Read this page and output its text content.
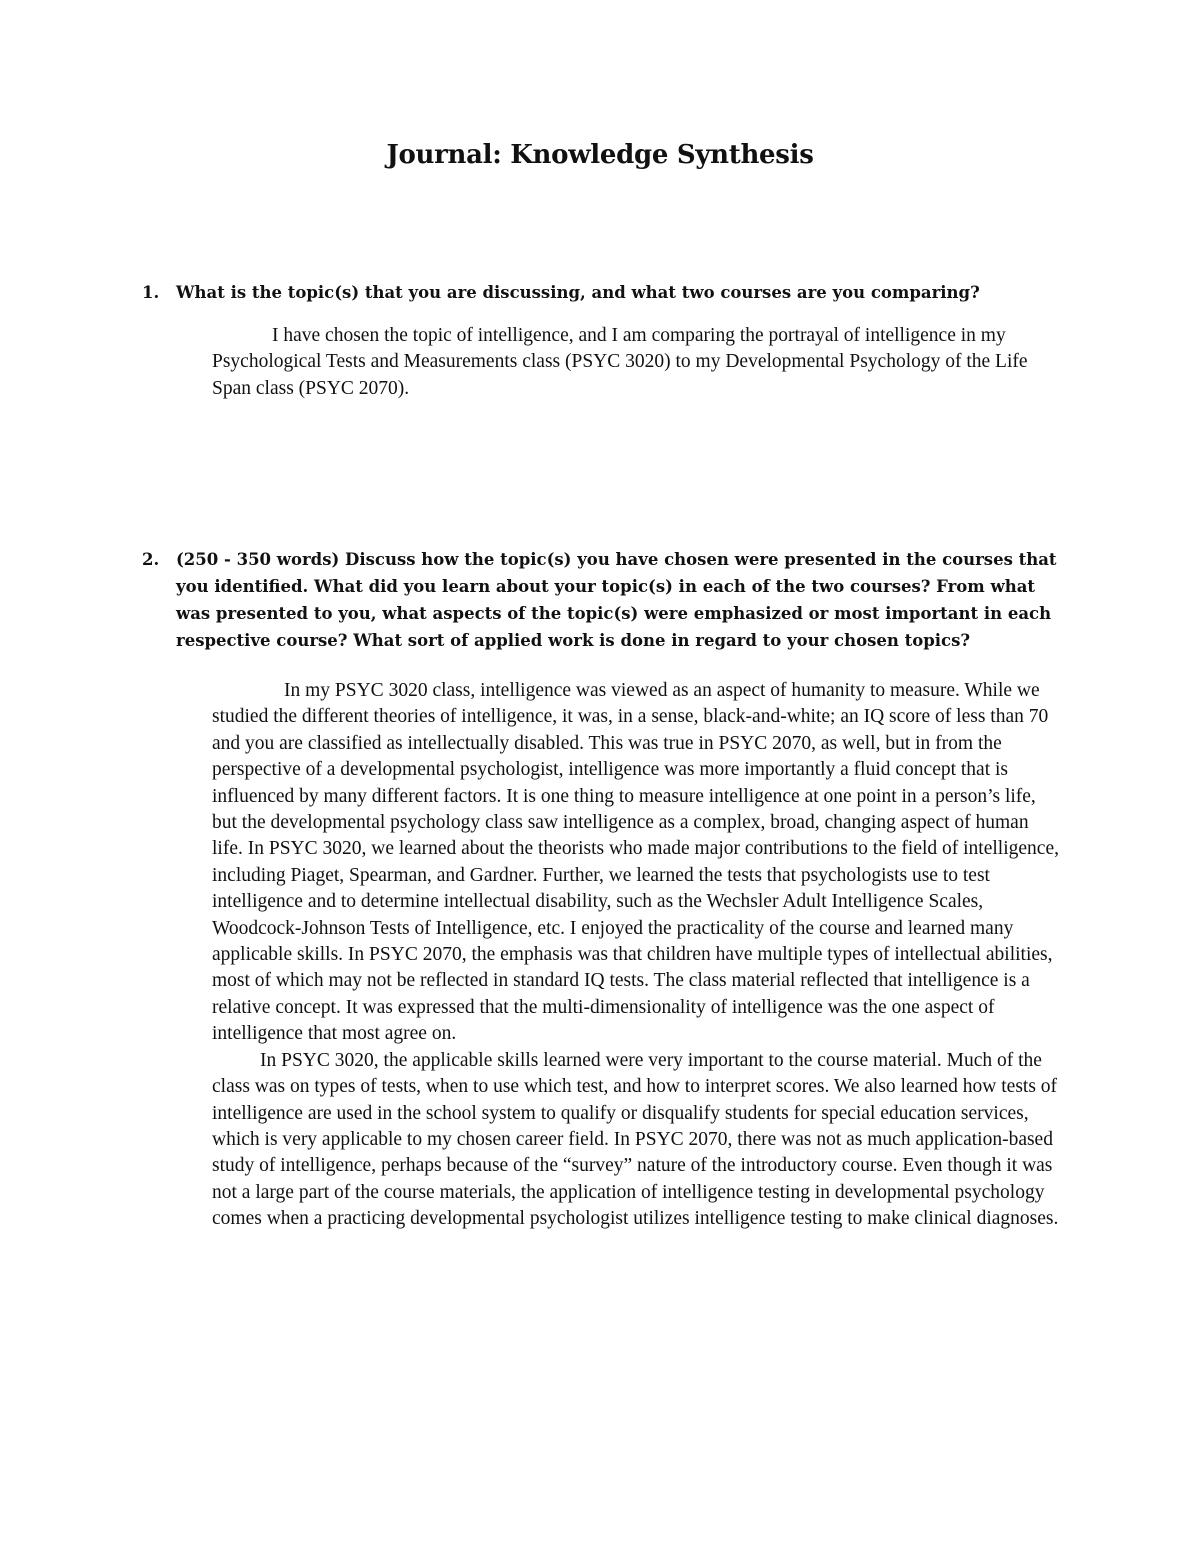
Journal: Knowledge Synthesis
1. What is the topic(s) that you are discussing, and what two courses are you comparing?

I have chosen the topic of intelligence, and I am comparing the portrayal of intelligence in my Psychological Tests and Measurements class (PSYC 3020) to my Developmental Psychology of the Life Span class (PSYC 2070).

2. (250 - 350 words) Discuss how the topic(s) you have chosen were presented in the courses that you identified. What did you learn about your topic(s) in each of the two courses? From what was presented to you, what aspects of the topic(s) were emphasized or most important in each respective course? What sort of applied work is done in regard to your chosen topics?

In my PSYC 3020 class, intelligence was viewed as an aspect of humanity to measure. While we studied the different theories of intelligence, it was, in a sense, black-and-white; an IQ score of less than 70 and you are classified as intellectually disabled. This was true in PSYC 2070, as well, but in from the perspective of a developmental psychologist, intelligence was more importantly a fluid concept that is influenced by many different factors. It is one thing to measure intelligence at one point in a person’s life, but the developmental psychology class saw intelligence as a complex, broad, changing aspect of human life. In PSYC 3020, we learned about the theorists who made major contributions to the field of intelligence, including Piaget, Spearman, and Gardner. Further, we learned the tests that psychologists use to test intelligence and to determine intellectual disability, such as the Wechsler Adult Intelligence Scales, Woodcock-Johnson Tests of Intelligence, etc. I enjoyed the practicality of the course and learned many applicable skills. In PSYC 2070, the emphasis was that children have multiple types of intellectual abilities, most of which may not be reflected in standard IQ tests. The class material reflected that intelligence is a relative concept. It was expressed that the multi-dimensionality of intelligence was the one aspect of intelligence that most agree on.

In PSYC 3020, the applicable skills learned were very important to the course material. Much of the class was on types of tests, when to use which test, and how to interpret scores. We also learned how tests of intelligence are used in the school system to qualify or disqualify students for special education services, which is very applicable to my chosen career field. In PSYC 2070, there was not as much application-based study of intelligence, perhaps because of the “survey” nature of the introductory course. Even though it was not a large part of the course materials, the application of intelligence testing in developmental psychology comes when a practicing developmental psychologist utilizes intelligence testing to make clinical diagnoses.
